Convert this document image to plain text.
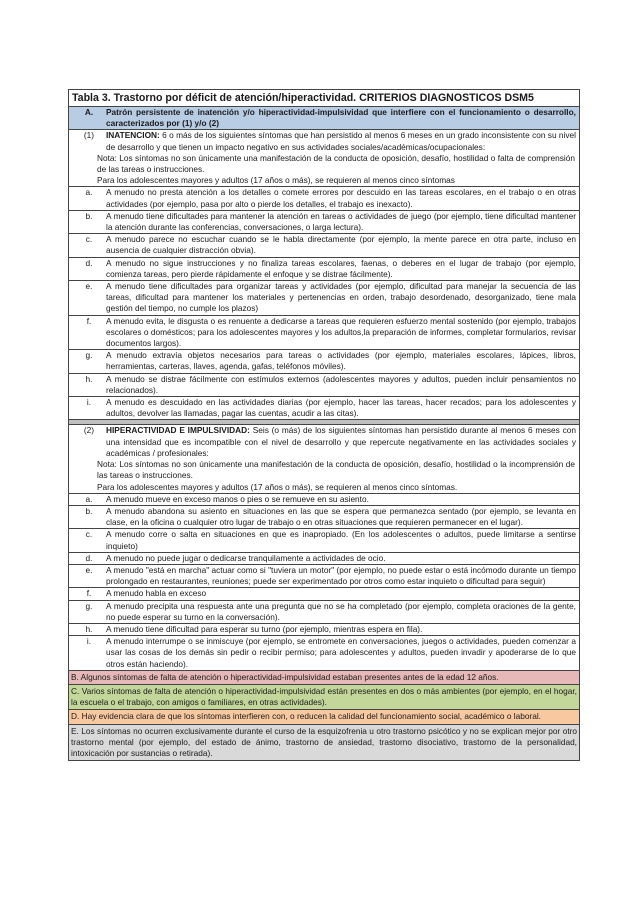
Tabla 3. Trastorno por déficit de atención/hiperactividad. CRITERIOS DIAGNOSTICOS DSM5

A.	Patrón persistente de inatención y/o hiperactividad-impulsividad que interfiere con el funcionamiento o desarrollo, caracterizados por (1) y/o (2)

(1)	INATENCION: 6 o más de los siguientes síntomas que han persistido al menos 6 meses en un grado inconsistente con su nivel de desarrollo y que tienen un impacto negativo en sus actividades sociales/académicas/ocupacionales:
Nota: Los síntomas no son únicamente una manifestación de la conducta de oposición, desafío, hostilidad o falta de comprensión de las tareas o instrucciones.
Para los adolescentes mayores y adultos (17 años o más), se requieren al menos cinco síntomas

a.	A menudo no presta atención a los detalles o comete errores por descuido en las tareas escolares, en el trabajo o en otras actividades (por ejemplo, pasa por alto o pierde los detalles, el trabajo es inexacto).

b.	A menudo tiene dificultades para mantener la atención en tareas o actividades de juego (por ejemplo, tiene dificultad mantener la atención durante las conferencias, conversaciones, o larga lectura).

c.	A menudo parece no escuchar cuando se le habla directamente (por ejemplo, la mente parece en otra parte, incluso en ausencia de cualquier distracción obvia).

d.	A menudo no sigue instrucciones y no finaliza tareas escolares, faenas, o deberes en el lugar de trabajo (por ejemplo, comienza tareas, pero pierde rápidamente el enfoque y se distrae fácilmente).

e.	A menudo tiene dificultades para organizar tareas y actividades (por ejemplo, dificultad para manejar la secuencia de las tareas, dificultad para mantener los materiales y pertenencias en orden, trabajo desordenado, desorganizado, tiene mala gestión del tiempo, no cumple los plazos)

f.	A menudo evita, le disgusta o es renuente a dedicarse a tareas que requieren esfuerzo mental sostenido (por ejemplo, trabajos escolares o domésticos; para los adolescentes mayores y los adultos,la preparación de informes, completar formularios, revisar documentos largos).

g.	A menudo extravía objetos necesarios para tareas o actividades (por ejemplo, materiales escolares, lápices, libros, herramientas, carteras, llaves, agenda, gafas, teléfonos móviles).

h.	A menudo se distrae fácilmente con estímulos externos (adolescentes mayores y adultos, pueden incluir pensamientos no relacionados).

i.	A menudo es descuidado en las actividades diarias (por ejemplo, hacer las tareas, hacer recados; para los adolescentes y adultos, devolver las llamadas, pagar las cuentas, acudir a las citas).

(2)	HIPERACTIVIDAD E IMPULSIVIDAD: Seis (o más) de los siguientes síntomas han persistido durante al menos 6 meses con una intensidad que es incompatible con el nivel de desarrollo y que repercute negativamente en las actividades sociales y académicas / profesionales:
Nota: Los síntomas no son únicamente una manifestación de la conducta de oposición, desafío, hostilidad o la incomprensión de las tareas o instrucciones.
Para los adolescentes mayores y adultos (17 años o más), se requieren al menos cinco síntomas.

a.	A menudo mueve en exceso manos o pies o se remueve en su asiento.

b.	A menudo abandona su asiento en situaciones en las que se espera que permanezca sentado (por ejemplo, se levanta en clase, en la oficina o cualquier otro lugar de trabajo o en otras situaciones que requieren permanecer en el lugar).

c.	A menudo corre o salta en situaciones en que es inapropiado. (En los adolescentes o adultos, puede limitarse a sentirse inquieto)

d.	A menudo no puede jugar o dedicarse tranquilamente a actividades de ocio.

e.	A menudo "está en marcha" actuar como si "tuviera un motor" (por ejemplo, no puede estar o está incómodo durante un tiempo prolongado en restaurantes, reuniones; puede ser experimentado por otros como estar inquieto o dificultad para seguir)

f.	A menudo habla en exceso

g.	A menudo precipita una respuesta ante una pregunta que no se ha completado (por ejemplo, completa oraciones de la gente, no puede esperar su turno en la conversación).

h.	A menudo tiene dificultad para esperar su turno (por ejemplo, mientras espera en fila).

i.	A menudo interrumpe o se inmiscuye (por ejemplo, se entromete en conversaciones, juegos o actividades, pueden comenzar a usar las cosas de los demás sin pedir o recibir permiso; para adolescentes y adultos, pueden invadir y apoderarse de lo que otros están haciendo).

B. Algunos síntomas de falta de atención o hiperactividad-impulsividad estaban presentes antes de la edad 12 años.
C. Varios síntomas de falta de atención o hiperactividad-impulsividad están presentes en dos o más ambientes (por ejemplo, en el hogar, la escuela o el trabajo, con amigos o familiares, en otras actividades).
D. Hay evidencia clara de que los síntomas interfieren con, o reducen la calidad del funcionamiento social, académico o laboral.
E. Los síntomas no ocurren exclusivamente durante el curso de la esquizofrenia u otro trastorno psicótico y no se explican mejor por otro trastorno mental (por ejemplo, del estado de ánimo, trastorno de ansiedad, trastorno disociativo, trastorno de la personalidad, intoxicación por sustancias o retirada).
